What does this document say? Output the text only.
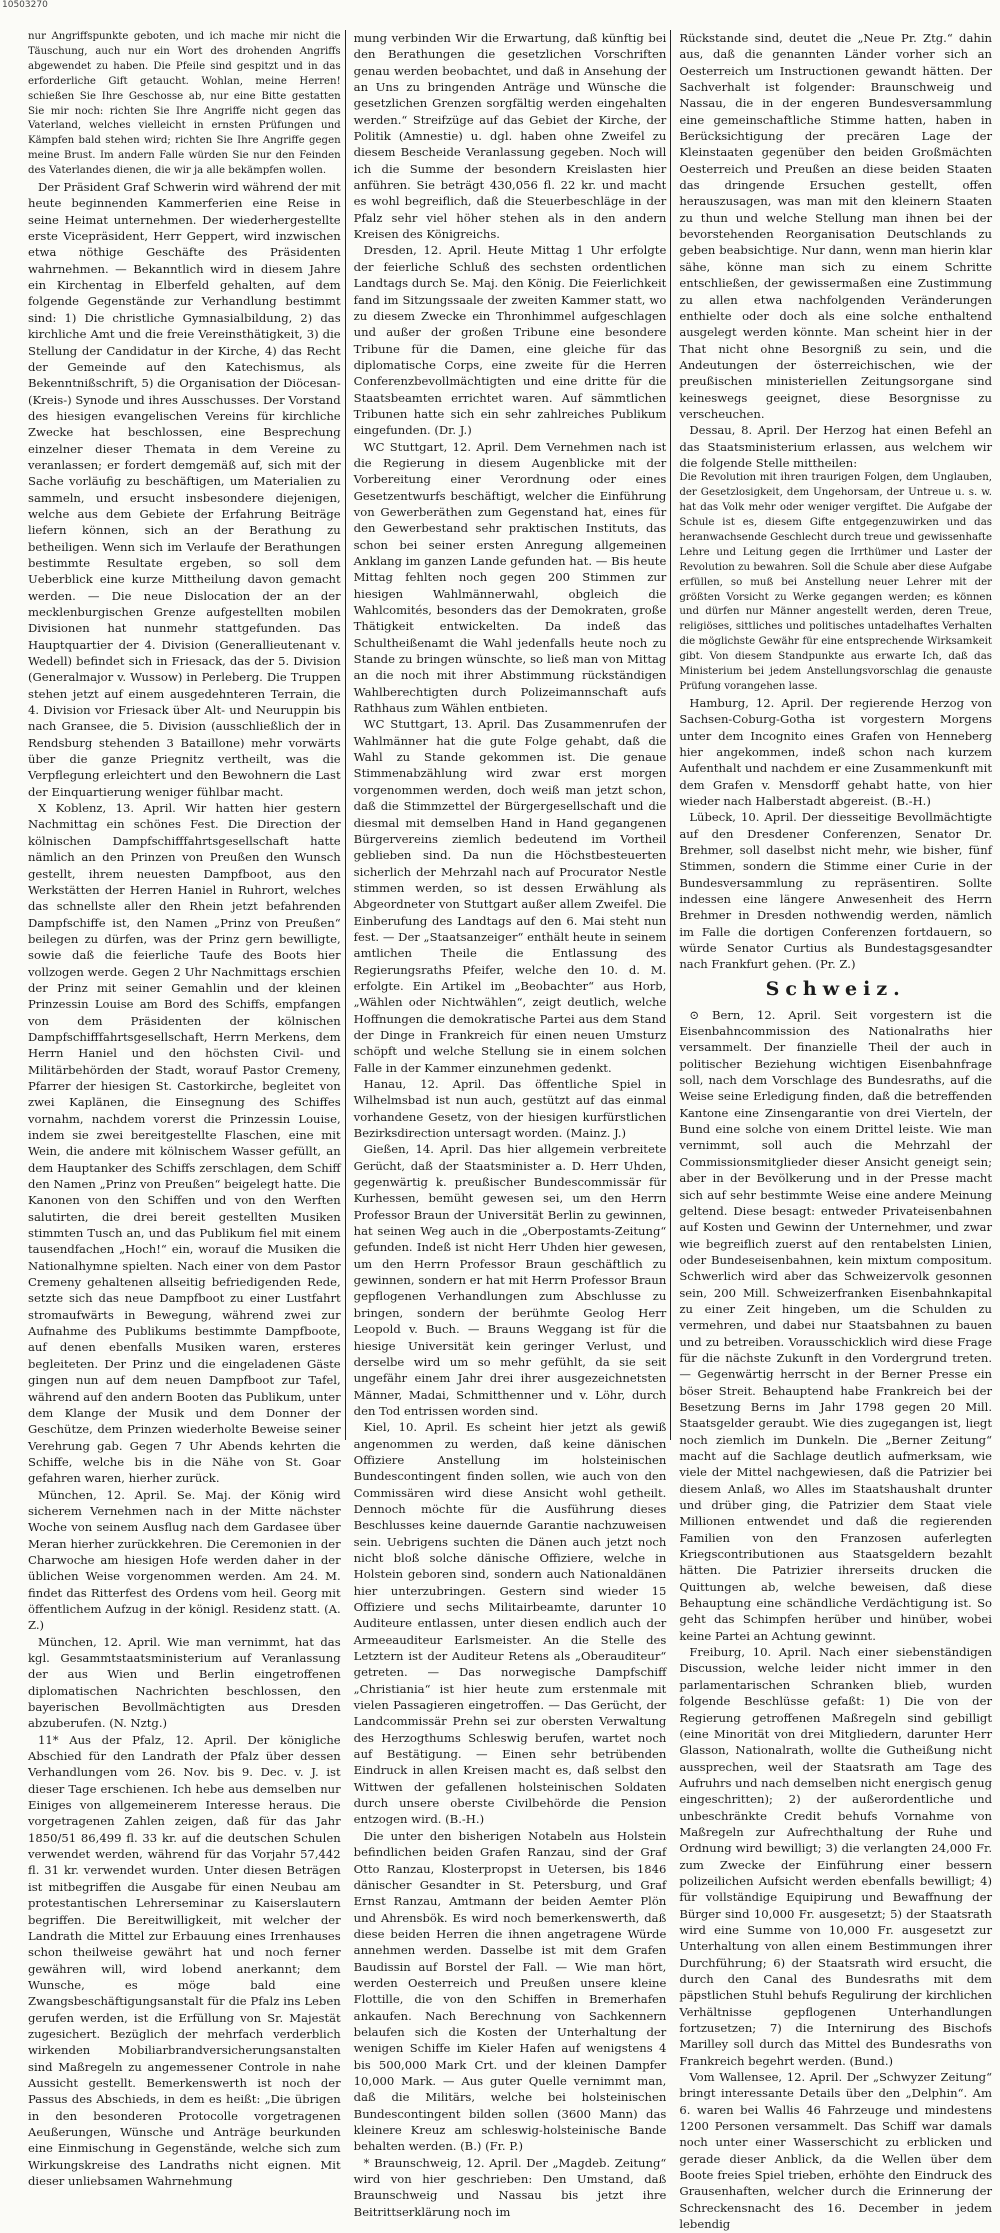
10503270

nur Angriffspunkte geboten, und ich mache mir nicht die Täuschung, auch nur ein Wort des drohenden Angriffs abgewendet zu haben. Die Pfeile sind gespitzt und in das erforderliche Gift getaucht. Wohlan, meine Herren! schießen Sie Ihre Geschosse ab, nur eine Bitte gestatten Sie mir noch: richten Sie Ihre Angriffe nicht gegen das Vaterland, welches vielleicht in ernsten Prüfungen und Kämpfen bald stehen wird; richten Sie Ihre Angriffe gegen meine Brust. Im andern Falle würden Sie nur den Feinden des Vaterlandes dienen, die wir ja alle bekämpfen wollen.

Der Präsident Graf Schwerin wird während der mit heute beginnenden Kammerferien eine Reise in seine Heimat unternehmen. Der wiederhergestellte erste Vicepräsident, Herr Geppert, wird inzwischen etwa nöthige Geschäfte des Präsidenten wahrnehmen. — Bekanntlich wird in diesem Jahre ein Kirchentag in Elberfeld gehalten, auf dem folgende Gegenstände zur Verhandlung bestimmt sind: 1) Die christliche Gymnasialbildung, 2) das kirchliche Amt und die freie Vereinsthätigkeit, 3) die Stellung der Candidatur in der Kirche, 4) das Recht der Gemeinde auf den Katechismus, als Bekenntnißschrift, 5) die Organisation der Diöcesan-(Kreis-) Synode und ihres Ausschusses. Der Vorstand des hiesigen evangelischen Vereins für kirchliche Zwecke hat beschlossen, eine Besprechung einzelner dieser Themata in dem Vereine zu veranlassen; er fordert demgemäß auf, sich mit der Sache vorläufig zu beschäftigen, um Materialien zu sammeln, und ersucht insbesondere diejenigen, welche aus dem Gebiete der Erfahrung Beiträge liefern können, sich an der Berathung zu betheiligen. Wenn sich im Verlaufe der Berathungen bestimmte Resultate ergeben, so soll dem Ueberblick eine kurze Mittheilung davon gemacht werden. — Die neue Dislocation der an der mecklenburgischen Grenze aufgestellten mobilen Divisionen hat nunmehr stattgefunden. Das Hauptquartier der 4. Division (Generallieutenant v. Wedell) befindet sich in Friesack, das der 5. Division (Generalmajor v. Wussow) in Perleberg. Die Truppen stehen jetzt auf einem ausgedehnteren Terrain, die 4. Division vor Friesack über Alt- und Neuruppin bis nach Gransee, die 5. Division (ausschließlich der in Rendsburg stehenden 3 Bataillone) mehr vorwärts über die ganze Priegnitz vertheilt, was die Verpflegung erleichtert und den Bewohnern die Last der Einquartierung weniger fühlbar macht.

X Koblenz, 13. April. Wir hatten hier gestern Nachmittag ein schönes Fest. Die Direction der kölnischen Dampfschifffahrtsgesellschaft hatte nämlich an den Prinzen von Preußen den Wunsch gestellt, ihrem neuesten Dampfboot, aus den Werkstätten der Herren Haniel in Ruhrort, welches das schnellste aller den Rhein jetzt befahrenden Dampfschiffe ist, den Namen „Prinz von Preußen“ beilegen zu dürfen, was der Prinz gern bewilligte, sowie daß die feierliche Taufe des Boots hier vollzogen werde. Gegen 2 Uhr Nachmittags erschien der Prinz mit seiner Gemahlin und der kleinen Prinzessin Louise am Bord des Schiffs, empfangen von dem Präsidenten der kölnischen Dampfschifffahrtsgesellschaft, Herrn Merkens, dem Herrn Haniel und den höchsten Civil- und Militärbehörden der Stadt, worauf Pastor Cremeny, Pfarrer der hiesigen St. Castorkirche, begleitet von zwei Kaplänen, die Einsegnung des Schiffes vornahm, nachdem vorerst die Prinzessin Louise, indem sie zwei bereitgestellte Flaschen, eine mit Wein, die andere mit kölnischem Wasser gefüllt, an dem Hauptanker des Schiffs zerschlagen, dem Schiff den Namen „Prinz von Preußen“ beigelegt hatte. Die Kanonen von den Schiffen und von den Werften salutirten, die drei bereit gestellten Musiken stimmten Tusch an, und das Publikum fiel mit einem tausendfachen „Hoch!“ ein, worauf die Musiken die Nationalhymne spielten. Nach einer von dem Pastor Cremeny gehaltenen allseitig befriedigenden Rede, setzte sich das neue Dampfboot zu einer Lustfahrt stromaufwärts in Bewegung, während zwei zur Aufnahme des Publikums bestimmte Dampfboote, auf denen ebenfalls Musiken waren, ersteres begleiteten. Der Prinz und die eingeladenen Gäste gingen nun auf dem neuen Dampfboot zur Tafel, während auf den andern Booten das Publikum, unter dem Klange der Musik und dem Donner der Geschütze, dem Prinzen wiederholte Beweise seiner Verehrung gab. Gegen 7 Uhr Abends kehrten die Schiffe, welche bis in die Nähe von St. Goar gefahren waren, hierher zurück.

München, 12. April. Se. Maj. der König wird sicherem Vernehmen nach in der Mitte nächster Woche von seinem Ausflug nach dem Gardasee über Meran hierher zurückkehren. Die Ceremonien in der Charwoche am hiesigen Hofe werden daher in der üblichen Weise vorgenommen werden. Am 24. M. findet das Ritterfest des Ordens vom heil. Georg mit öffentlichem Aufzug in der königl. Residenz statt. (A. Z.)

München, 12. April. Wie man vernimmt, hat das kgl. Gesammtstaatsministerium auf Veranlassung der aus Wien und Berlin eingetroffenen diplomatischen Nachrichten beschlossen, den bayerischen Bevollmächtigten aus Dresden abzuberufen. (N. Nztg.)

11* Aus der Pfalz, 12. April. Der königliche Abschied für den Landrath der Pfalz über dessen Verhandlungen vom 26. Nov. bis 9. Dec. v. J. ist dieser Tage erschienen. Ich hebe aus demselben nur Einiges von allgemeinerem Interesse heraus. Die vorgetragenen Zahlen zeigen, daß für das Jahr 1850/51 86,499 fl. 33 kr. auf die deutschen Schulen verwendet werden, während für das Vorjahr 57,442 fl. 31 kr. verwendet wurden. Unter diesen Beträgen ist mitbegriffen die Ausgabe für einen Neubau am protestantischen Lehrerseminar zu Kaiserslautern begriffen. Die Bereitwilligkeit, mit welcher der Landrath die Mittel zur Erbauung eines Irrenhauses schon theilweise gewährt hat und noch ferner gewähren will, wird lobend anerkannt; dem Wunsche, es möge bald eine Zwangsbeschäftigungsanstalt für die Pfalz ins Leben gerufen werden, ist die Erfüllung von Sr. Majestät zugesichert. Bezüglich der mehrfach verderblich wirkenden Mobiliarbrandversicherungsanstalten sind Maßregeln zu angemessener Controle in nahe Aussicht gestellt. Bemerkenswerth ist noch der Passus des Abschieds, in dem es heißt: „Die übrigen in den besonderen Protocolle vorgetragenen Aeußerungen, Wünsche und Anträge beurkunden eine Einmischung in Gegenstände, welche sich zum Wirkungskreise des Landraths nicht eignen. Mit dieser unliebsamen Wahrnehmung

mung verbinden Wir die Erwartung, daß künftig bei den Berathungen die gesetzlichen Vorschriften genau werden beobachtet, und daß in Ansehung der an Uns zu bringenden Anträge und Wünsche die gesetzlichen Grenzen sorgfältig werden eingehalten werden.“ Streifzüge auf das Gebiet der Kirche, der Politik (Amnestie) u. dgl. haben ohne Zweifel zu diesem Bescheide Veranlassung gegeben. Noch will ich die Summe der besondern Kreislasten hier anführen. Sie beträgt 430,056 fl. 22 kr. und macht es wohl begreiflich, daß die Steuerbeschläge in der Pfalz sehr viel höher stehen als in den andern Kreisen des Königreichs.

Dresden, 12. April. Heute Mittag 1 Uhr erfolgte der feierliche Schluß des sechsten ordentlichen Landtags durch Se. Maj. den König. Die Feierlichkeit fand im Sitzungssaale der zweiten Kammer statt, wo zu diesem Zwecke ein Thronhimmel aufgeschlagen und außer der großen Tribune eine besondere Tribune für die Damen, eine gleiche für das diplomatische Corps, eine zweite für die Herren Conferenzbevollmächtigten und eine dritte für die Staatsbeamten errichtet waren. Auf sämmtlichen Tribunen hatte sich ein sehr zahlreiches Publikum eingefunden. (Dr. J.)

WC Stuttgart, 12. April. Dem Vernehmen nach ist die Regierung in diesem Augenblicke mit der Vorbereitung einer Verordnung oder eines Gesetzentwurfs beschäftigt, welcher die Einführung von Gewerberäthen zum Gegenstand hat, eines für den Gewerbestand sehr praktischen Instituts, das schon bei seiner ersten Anregung allgemeinen Anklang im ganzen Lande gefunden hat. — Bis heute Mittag fehlten noch gegen 200 Stimmen zur hiesigen Wahlmännerwahl, obgleich die Wahlcomités, besonders das der Demokraten, große Thätigkeit entwickelten. Da indeß das Schultheißenamt die Wahl jedenfalls heute noch zu Stande zu bringen wünschte, so ließ man von Mittag an die noch mit ihrer Abstimmung rückständigen Wahlberechtigten durch Polizeimannschaft aufs Rathhaus zum Wählen entbieten.

WC Stuttgart, 13. April. Das Zusammenrufen der Wahlmänner hat die gute Folge gehabt, daß die Wahl zu Stande gekommen ist. Die genaue Stimmenabzählung wird zwar erst morgen vorgenommen werden, doch weiß man jetzt schon, daß die Stimmzettel der Bürgergesellschaft und die diesmal mit demselben Hand in Hand gegangenen Bürgervereins ziemlich bedeutend im Vortheil geblieben sind. Da nun die Höchstbesteuerten sicherlich der Mehrzahl nach auf Procurator Nestle stimmen werden, so ist dessen Erwählung als Abgeordneter von Stuttgart außer allem Zweifel. Die Einberufung des Landtags auf den 6. Mai steht nun fest. — Der „Staatsanzeiger“ enthält heute in seinem amtlichen Theile die Entlassung des Regierungsraths Pfeifer, welche den 10. d. M. erfolgte. Ein Artikel im „Beobachter“ aus Horb, „Wählen oder Nichtwählen“, zeigt deutlich, welche Hoffnungen die demokratische Partei aus dem Stand der Dinge in Frankreich für einen neuen Umsturz schöpft und welche Stellung sie in einem solchen Falle in der Kammer einzunehmen gedenkt.

Hanau, 12. April. Das öffentliche Spiel in Wilhelmsbad ist nun auch, gestützt auf das einmal vorhandene Gesetz, von der hiesigen kurfürstlichen Bezirksdirection untersagt worden. (Mainz. J.)

Gießen, 14. April. Das hier allgemein verbreitete Gerücht, daß der Staatsminister a. D. Herr Uhden, gegenwärtig k. preußischer Bundescommissär für Kurhessen, bemüht gewesen sei, um den Herrn Professor Braun der Universität Berlin zu gewinnen, hat seinen Weg auch in die „Oberpostamts-Zeitung“ gefunden. Indeß ist nicht Herr Uhden hier gewesen, um den Herrn Professor Braun geschäftlich zu gewinnen, sondern er hat mit Herrn Professor Braun gepflogenen Verhandlungen zum Abschlusse zu bringen, sondern der berühmte Geolog Herr Leopold v. Buch. — Brauns Weggang ist für die hiesige Universität kein geringer Verlust, und derselbe wird um so mehr gefühlt, da sie seit ungefähr einem Jahr drei ihrer ausgezeichnetsten Männer, Madai, Schmitthenner und v. Löhr, durch den Tod entrissen worden sind.

Kiel, 10. April. Es scheint hier jetzt als gewiß angenommen zu werden, daß keine dänischen Offiziere Anstellung im holsteinischen Bundescontingent finden sollen, wie auch von den Commissären wird diese Ansicht wohl getheilt. Dennoch möchte für die Ausführung dieses Beschlusses keine dauernde Garantie nachzuweisen sein. Uebrigens suchten die Dänen auch jetzt noch nicht bloß solche dänische Offiziere, welche in Holstein geboren sind, sondern auch Nationaldänen hier unterzubringen. Gestern sind wieder 15 Offiziere und sechs Militairbeamte, darunter 10 Auditeure entlassen, unter diesen endlich auch der Armeeauditeur Earlsmeister. An die Stelle des Letztern ist der Auditeur Retens als „Oberauditeur“ getreten. — Das norwegische Dampfschiff „Christiania“ ist hier heute zum erstenmale mit vielen Passagieren eingetroffen. — Das Gerücht, der Landcommissär Prehn sei zur obersten Verwaltung des Herzogthums Schleswig berufen, wartet noch auf Bestätigung. — Einen sehr betrübenden Eindruck in allen Kreisen macht es, daß selbst den Wittwen der gefallenen holsteinischen Soldaten durch unsere oberste Civilbehörde die Pension entzogen wird. (B.-H.)

Die unter den bisherigen Notabeln aus Holstein befindlichen beiden Grafen Ranzau, sind der Graf Otto Ranzau, Klosterpropst in Uetersen, bis 1846 dänischer Gesandter in St. Petersburg, und Graf Ernst Ranzau, Amtmann der beiden Aemter Plön und Ahrensbök. Es wird noch bemerkenswerth, daß diese beiden Herren die ihnen angetragene Würde annehmen werden. Dasselbe ist mit dem Grafen Baudissin auf Borstel der Fall. — Wie man hört, werden Oesterreich und Preußen unsere kleine Flottille, die von den Schiffen in Bremerhafen ankaufen. Nach Berechnung von Sachkennern belaufen sich die Kosten der Unterhaltung der wenigen Schiffe im Kieler Hafen auf wenigstens 4 bis 500,000 Mark Crt. und der kleinen Dampfer 10,000 Mark. — Aus guter Quelle vernimmt man, daß die Militärs, welche bei holsteinischen Bundescontingent bilden sollen (3600 Mann) das kleinere Kreuz am schleswig-holsteinische Bande behalten werden. (B.) (Fr. P.)

* Braunschweig, 12. April. Der „Magdeb. Zeitung“ wird von hier geschrieben: Den Umstand, daß Braunschweig und Nassau bis jetzt ihre Beitrittserklärung noch im

Rückstande sind, deutet die „Neue Pr. Ztg.“ dahin aus, daß die genannten Länder vorher sich an Oesterreich um Instructionen gewandt hätten. Der Sachverhalt ist folgender: Braunschweig und Nassau, die in der engeren Bundesversammlung eine gemeinschaftliche Stimme hatten, haben in Berücksichtigung der precären Lage der Kleinstaaten gegenüber den beiden Großmächten Oesterreich und Preußen an diese beiden Staaten das dringende Ersuchen gestellt, offen herauszusagen, was man mit den kleinern Staaten zu thun und welche Stellung man ihnen bei der bevorstehenden Reorganisation Deutschlands zu geben beabsichtige. Nur dann, wenn man hierin klar sähe, könne man sich zu einem Schritte entschließen, der gewissermaßen eine Zustimmung zu allen etwa nachfolgenden Veränderungen enthielte oder doch als eine solche enthaltend ausgelegt werden könnte. Man scheint hier in der That nicht ohne Besorgniß zu sein, und die Andeutungen der österreichischen, wie der preußischen ministeriellen Zeitungsorgane sind keineswegs geeignet, diese Besorgnisse zu verscheuchen.

Dessau, 8. April. Der Herzog hat einen Befehl an das Staatsministerium erlassen, aus welchem wir die folgende Stelle mittheilen:

Die Revolution mit ihren traurigen Folgen, dem Unglauben, der Gesetzlosigkeit, dem Ungehorsam, der Untreue u. s. w. hat das Volk mehr oder weniger vergiftet. Die Aufgabe der Schule ist es, diesem Gifte entgegenzuwirken und das heranwachsende Geschlecht durch treue und gewissenhafte Lehre und Leitung gegen die Irrthümer und Laster der Revolution zu bewahren. Soll die Schule aber diese Aufgabe erfüllen, so muß bei Anstellung neuer Lehrer mit der größten Vorsicht zu Werke gegangen werden; es können und dürfen nur Männer angestellt werden, deren Treue, religiöses, sittliches und politisches untadelhaftes Verhalten die möglichste Gewähr für eine entsprechende Wirksamkeit gibt. Von diesem Standpunkte aus erwarte Ich, daß das Ministerium bei jedem Anstellungsvorschlag die genauste Prüfung vorangehen lasse.

Hamburg, 12. April. Der regierende Herzog von Sachsen-Coburg-Gotha ist vorgestern Morgens unter dem Incognito eines Grafen von Henneberg hier angekommen, indeß schon nach kurzem Aufenthalt und nachdem er eine Zusammenkunft mit dem Grafen v. Mensdorff gehabt hatte, von hier wieder nach Halberstadt abgereist. (B.-H.)

Lübeck, 10. April. Der diesseitige Bevollmächtigte auf den Dresdener Conferenzen, Senator Dr. Brehmer, soll daselbst nicht mehr, wie bisher, fünf Stimmen, sondern die Stimme einer Curie in der Bundesversammlung zu repräsentiren. Sollte indessen eine längere Anwesenheit des Herrn Brehmer in Dresden nothwendig werden, nämlich im Falle die dortigen Conferenzen fortdauern, so würde Senator Curtius als Bundestagsgesandter nach Frankfurt gehen. (Pr. Z.)

Schweiz.

⊙ Bern, 12. April. Seit vorgestern ist die Eisenbahncommission des Nationalraths hier versammelt. Der finanzielle Theil der auch in politischer Beziehung wichtigen Eisenbahnfrage soll, nach dem Vorschlage des Bundesraths, auf die Weise seine Erledigung finden, daß die betreffenden Kantone eine Zinsengarantie von drei Vierteln, der Bund eine solche von einem Drittel leiste. Wie man vernimmt, soll auch die Mehrzahl der Commissionsmitglieder dieser Ansicht geneigt sein; aber in der Bevölkerung und in der Presse macht sich auf sehr bestimmte Weise eine andere Meinung geltend. Diese besagt: entweder Privateisenbahnen auf Kosten und Gewinn der Unternehmer, und zwar wie begreiflich zuerst auf den rentabelsten Linien, oder Bundeseisenbahnen, kein mixtum compositum. Schwerlich wird aber das Schweizervolk gesonnen sein, 200 Mill. Schweizerfranken Eisenbahnkapital zu einer Zeit hingeben, um die Schulden zu vermehren, und dabei nur Staatsbahnen zu bauen und zu betreiben. Vorausschicklich wird diese Frage für die nächste Zukunft in den Vordergrund treten. — Gegenwärtig herrscht in der Berner Presse ein böser Streit. Behauptend habe Frankreich bei der Besetzung Berns im Jahr 1798 gegen 20 Mill. Staatsgelder geraubt. Wie dies zugegangen ist, liegt noch ziemlich im Dunkeln. Die „Berner Zeitung“ macht auf die Sachlage deutlich aufmerksam, wie viele der Mittel nachgewiesen, daß die Patrizier bei diesem Anlaß, wo Alles im Staatshaushalt drunter und drüber ging, die Patrizier dem Staat viele Millionen entwendet und daß die regierenden Familien von den Franzosen auferlegten Kriegscontributionen aus Staatsgeldern bezahlt hätten. Die Patrizier ihrerseits drucken die Quittungen ab, welche beweisen, daß diese Behauptung eine schändliche Verdächtigung ist. So geht das Schimpfen herüber und hinüber, wobei keine Partei an Achtung gewinnt.

Freiburg, 10. April. Nach einer siebenständigen Discussion, welche leider nicht immer in den parlamentarischen Schranken blieb, wurden folgende Beschlüsse gefaßt: 1) Die von der Regierung getroffenen Maßregeln sind gebilligt (eine Minorität von drei Mitgliedern, darunter Herr Glasson, Nationalrath, wollte die Gutheißung nicht aussprechen, weil der Staatsrath am Tage des Aufruhrs und nach demselben nicht energisch genug eingeschritten); 2) der außerordentliche und unbeschränkte Credit behufs Vornahme von Maßregeln zur Aufrechthaltung der Ruhe und Ordnung wird bewilligt; 3) die verlangten 24,000 Fr. zum Zwecke der Einführung einer bessern polizeilichen Aufsicht werden ebenfalls bewilligt; 4) für vollständige Equipirung und Bewaffnung der Bürger sind 10,000 Fr. ausgesetzt; 5) der Staatsrath wird eine Summe von 10,000 Fr. ausgesetzt zur Unterhaltung von allen einem Bestimmungen ihrer Durchführung; 6) der Staatsrath wird ersucht, die durch den Canal des Bundesraths mit dem päpstlichen Stuhl behufs Regulirung der kirchlichen Verhältnisse gepflogenen Unterhandlungen fortzusetzen; 7) die Internirung des Bischofs Marilley soll durch das Mittel des Bundesraths von Frankreich begehrt werden. (Bund.)

Vom Wallensee, 12. April. Der „Schwyzer Zeitung“ bringt interessante Details über den „Delphin“. Am 6. waren bei Wallis 46 Fahrzeuge und mindestens 1200 Personen versammelt. Das Schiff war damals noch unter einer Wasserschicht zu erblicken und gerade dieser Anblick, da die Wellen über dem Boote freies Spiel trieben, erhöhte den Eindruck des Grausenhaften, welcher durch die Erinnerung der Schreckensnacht des 16. December in jedem lebendig
